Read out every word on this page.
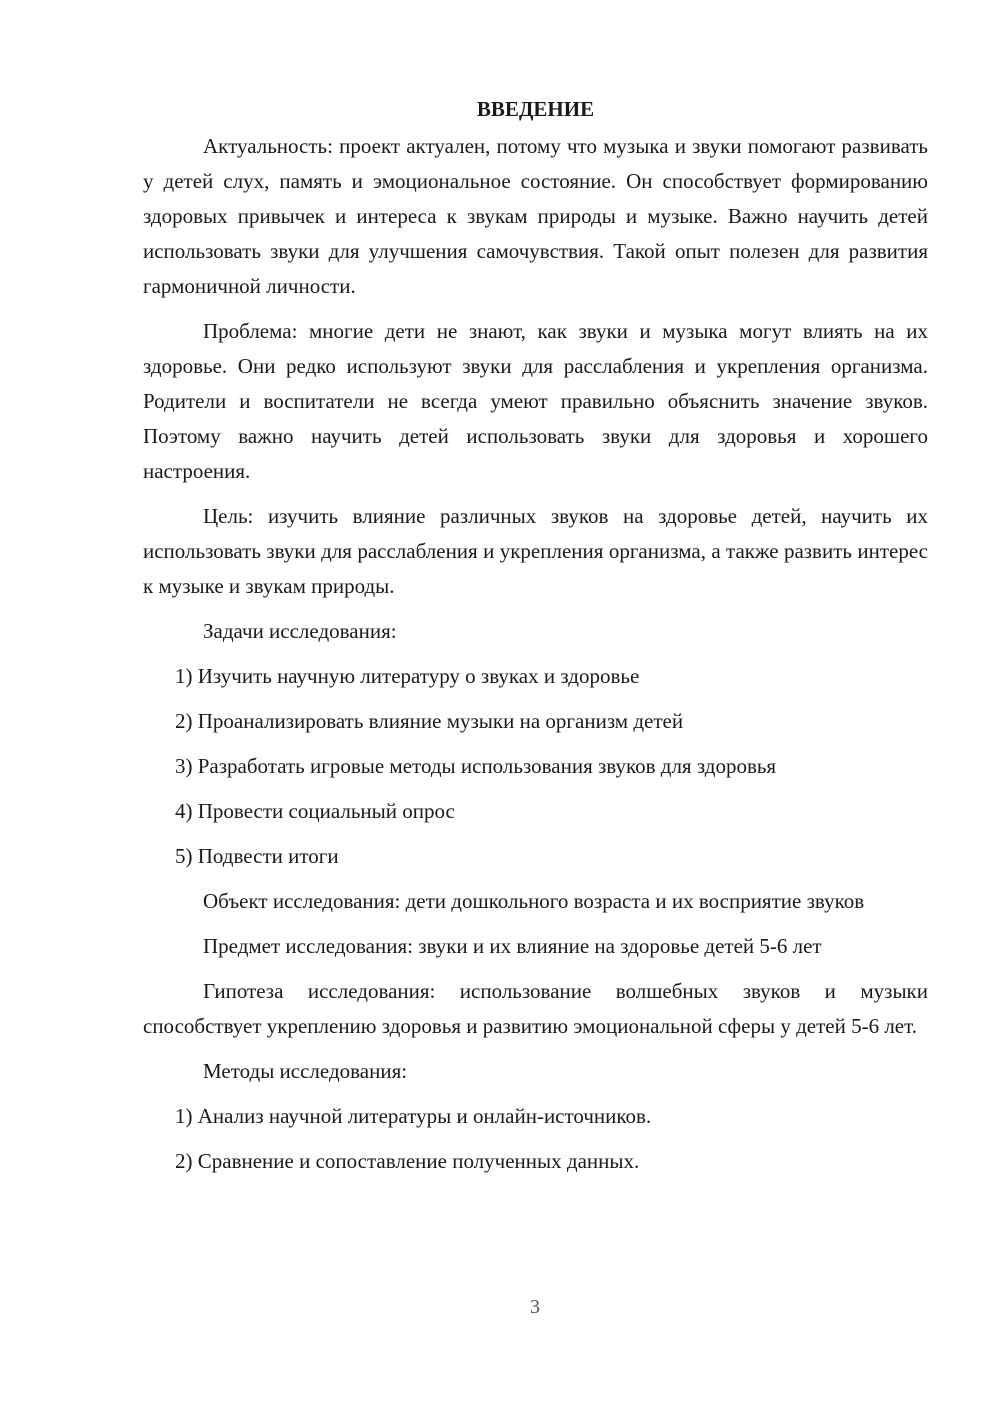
ВВЕДЕНИЕ

Актуальность: проект актуален, потому что музыка и звуки помогают развивать у детей слух, память и эмоциональное состояние. Он способствует формированию здоровых привычек и интереса к звукам природы и музыке. Важно научить детей использовать звуки для улучшения самочувствия. Такой опыт полезен для развития гармоничной личности.

Проблема: многие дети не знают, как звуки и музыка могут влиять на их здоровье. Они редко используют звуки для расслабления и укрепления организма. Родители и воспитатели не всегда умеют правильно объяснить значение звуков. Поэтому важно научить детей использовать звуки для здоровья и хорошего настроения.

Цель: изучить влияние различных звуков на здоровье детей, научить их использовать звуки для расслабления и укрепления организма, а также развить интерес к музыке и звукам природы.

Задачи исследования:

1) Изучить научную литературу о звуках и здоровье
2) Проанализировать влияние музыки на организм детей
3) Разработать игровые методы использования звуков для здоровья
4) Провести социальный опрос
5) Подвести итоги

Объект исследования: дети дошкольного возраста и их восприятие звуков

Предмет исследования: звуки и их влияние на здоровье детей 5-6 лет

Гипотеза исследования: использование волшебных звуков и музыки способствует укреплению здоровья и развитию эмоциональной сферы у детей 5-6 лет.

Методы исследования:

1) Анализ научной литературы и онлайн-источников.
2) Сравнение и сопоставление полученных данных.
3
